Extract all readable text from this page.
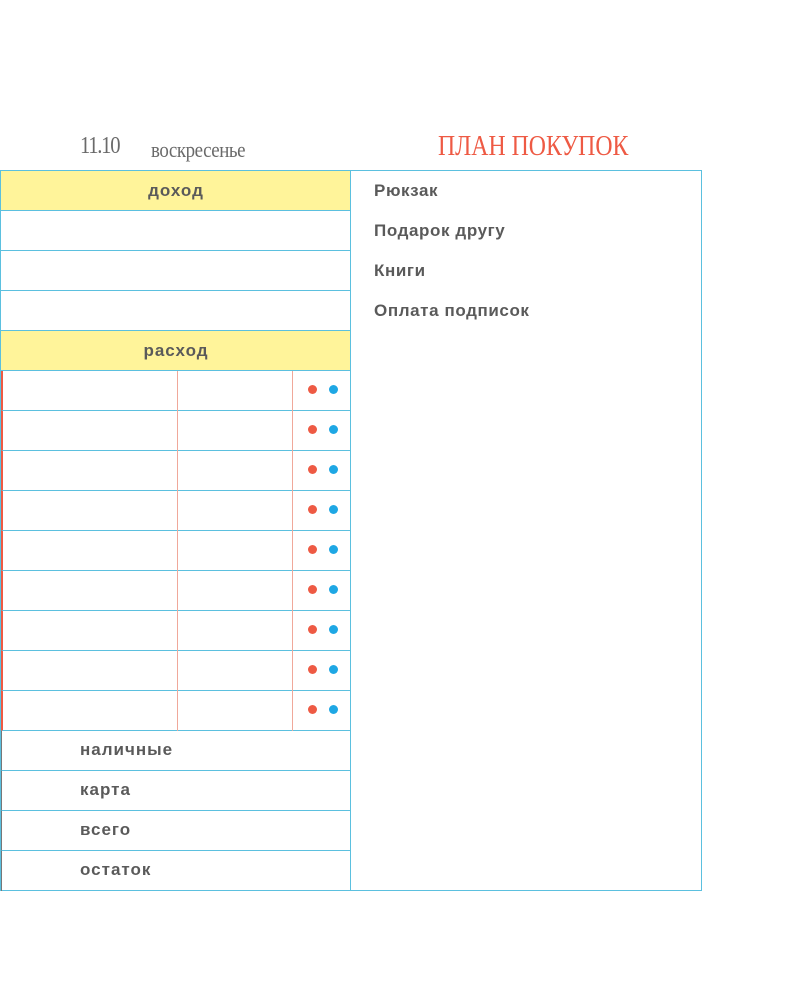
11.10 воскресенье	ПЛАН ПОКУПОК
доход
расход
наличные
карта
всего
остаток
Рюкзак
Подарок другу
Книги
Оплата подписок
